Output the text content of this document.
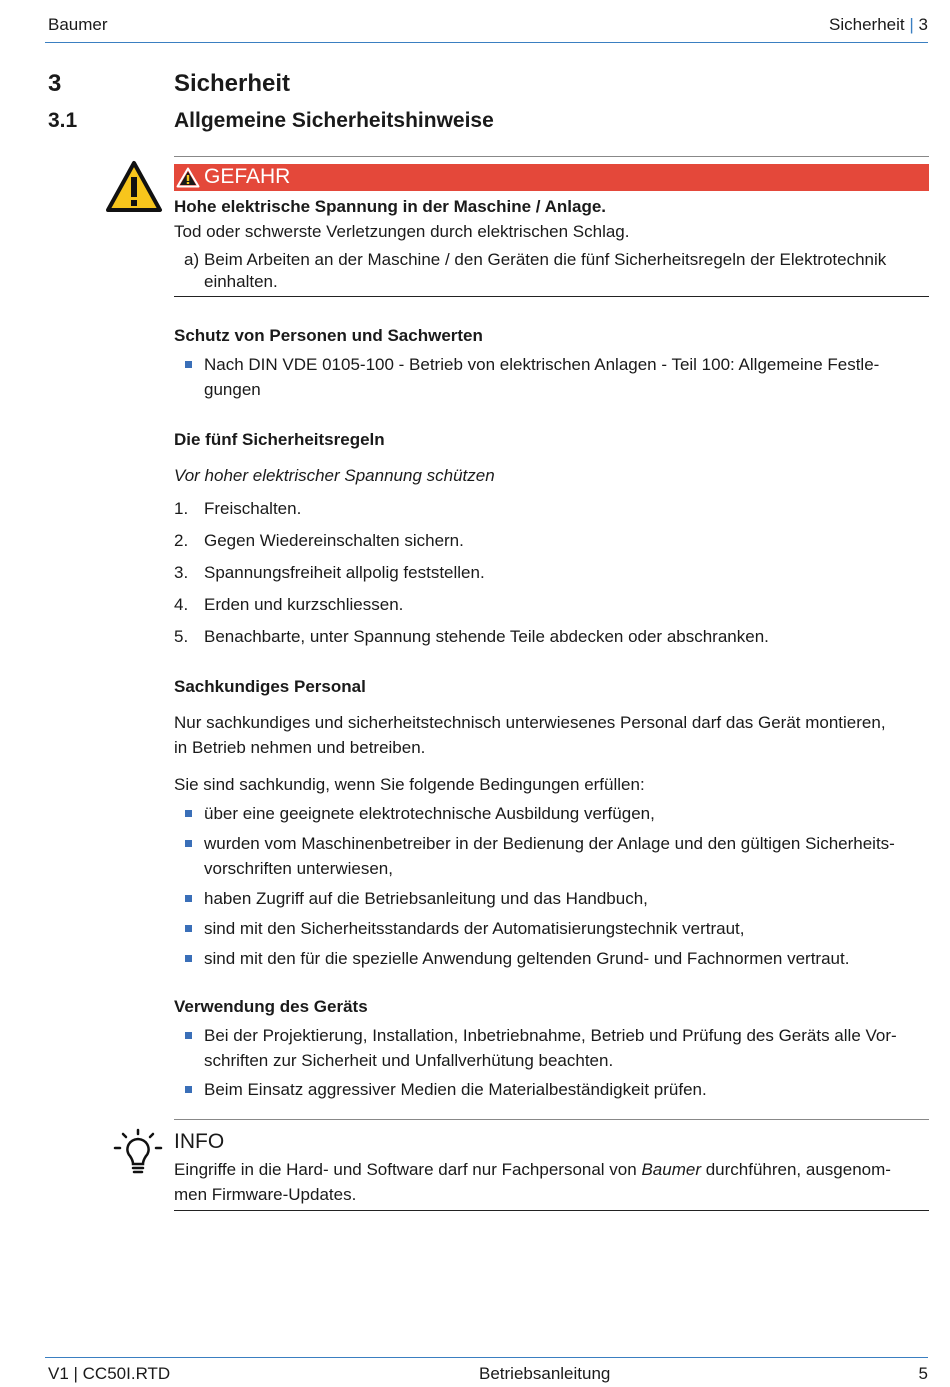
Baumer	Sicherheit | 3
3	Sicherheit
3.1	Allgemeine Sicherheitshinweise
GEFAHR
Hohe elektrische Spannung in der Maschine / Anlage.
Tod oder schwerste Verletzungen durch elektrischen Schlag.
a) Beim Arbeiten an der Maschine / den Geräten die fünf Sicherheitsregeln der Elektrotechnik
einhalten.
Schutz von Personen und Sachwerten
Nach DIN VDE 0105-100 - Betrieb von elektrischen Anlagen - Teil 100: Allgemeine Festle-
gungen
Die fünf Sicherheitsregeln
Vor hoher elektrischer Spannung schützen
1. Freischalten.
2. Gegen Wiedereinschalten sichern.
3. Spannungsfreiheit allpolig feststellen.
4. Erden und kurzschliessen.
5. Benachbarte, unter Spannung stehende Teile abdecken oder abschranken.
Sachkundiges Personal
Nur sachkundiges und sicherheitstechnisch unterwiesenes Personal darf das Gerät montieren,
in Betrieb nehmen und betreiben.
Sie sind sachkundig, wenn Sie folgende Bedingungen erfüllen:
über eine geeignete elektrotechnische Ausbildung verfügen,
wurden vom Maschinenbetreiber in der Bedienung der Anlage und den gültigen Sicherheits-
vorschriften unterwiesen,
haben Zugriff auf die Betriebsanleitung und das Handbuch,
sind mit den Sicherheitsstandards der Automatisierungstechnik vertraut,
sind mit den für die spezielle Anwendung geltenden Grund- und Fachnormen vertraut.
Verwendung des Geräts
Bei der Projektierung, Installation, Inbetriebnahme, Betrieb und Prüfung des Geräts alle Vor-
schriften zur Sicherheit und Unfallverhütung beachten.
Beim Einsatz aggressiver Medien die Materialbeständigkeit prüfen.
INFO
Eingriffe in die Hard- und Software darf nur Fachpersonal von Baumer durchführen, ausgenom-
men Firmware-Updates.
V1 | CC50I.RTD	Betriebsanleitung	5
